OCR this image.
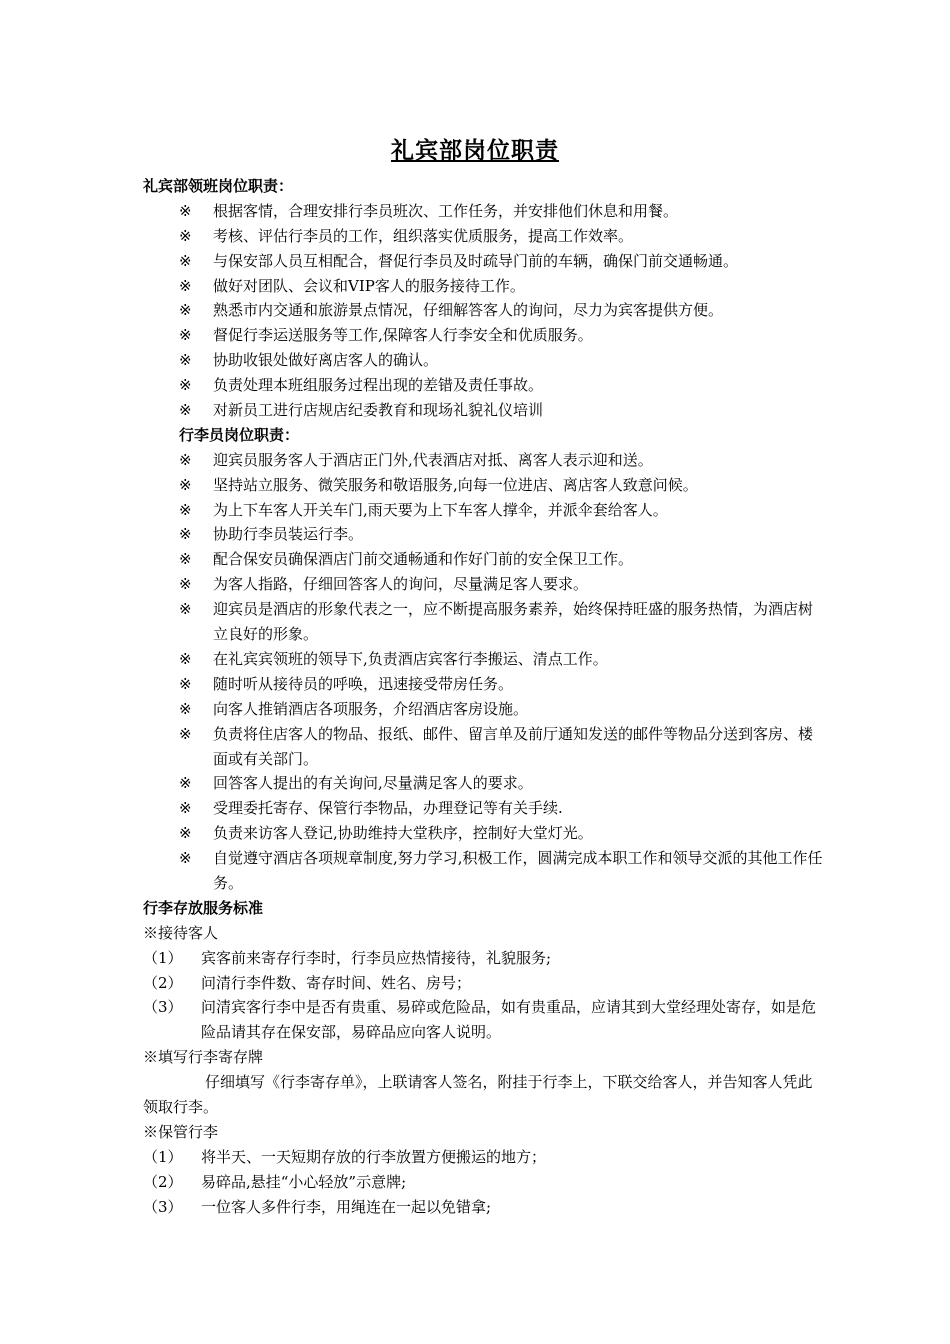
礼宾部岗位职责
礼宾部领班岗位职责：
※	根据客情，合理安排行李员班次、工作任务，并安排他们休息和用餐。
※	考核、评估行李员的工作，组织落实优质服务，提高工作效率。
※	与保安部人员互相配合，督促行李员及时疏导门前的车辆，确保门前交通畅通。
※	做好对团队、会议和VIP客人的服务接待工作。
※	熟悉市内交通和旅游景点情况，仔细解答客人的询问，尽力为宾客提供方便。
※	督促行李运送服务等工作,保障客人行李安全和优质服务。
※	协助收银处做好离店客人的确认。
※	负责处理本班组服务过程出现的差错及责任事故。
※	对新员工进行店规店纪委教育和现场礼貌礼仪培训
行李员岗位职责：
※	迎宾员服务客人于酒店正门外,代表酒店对抵、离客人表示迎和送。
※	坚持站立服务、微笑服务和敬语服务,向每一位进店、离店客人致意问候。
※	为上下车客人开关车门,雨天要为上下车客人撑伞，并派伞套给客人。
※	协助行李员装运行李。
※	配合保安员确保酒店门前交通畅通和作好门前的安全保卫工作。
※	为客人指路，仔细回答客人的询问，尽量满足客人要求。
※	迎宾员是酒店的形象代表之一，应不断提高服务素养，始终保持旺盛的服务热情，为酒店树立良好的形象。
※	在礼宾宾领班的领导下,负责酒店宾客行李搬运、清点工作。
※	随时听从接待员的呼唤，迅速接受带房任务。
※	向客人推销酒店各项服务，介绍酒店客房设施。
※	负责将住店客人的物品、报纸、邮件、留言单及前厅通知发送的邮件等物品分送到客房、楼面或有关部门。
※	回答客人提出的有关询问,尽量满足客人的要求。
※	受理委托寄存、保管行李物品，办理登记等有关手续.
※	负责来访客人登记,协助维持大堂秩序，控制好大堂灯光。
※	自觉遵守酒店各项规章制度,努力学习,积极工作，圆满完成本职工作和领导交派的其他工作任务。
行李存放服务标准
※接待客人
（1）	宾客前来寄存行李时，行李员应热情接待，礼貌服务;
（2）	问清行李件数、寄存时间、姓名、房号；
（3）	问清宾客行李中是否有贵重、易碎或危险品，如有贵重品，应请其到大堂经理处寄存，如是危险品请其存在保安部，易碎品应向客人说明。
※填写行李寄存牌
仔细填写《行李寄存单》，上联请客人签名，附挂于行李上，下联交给客人，并告知客人凭此领取行李。
※保管行李
（1）	将半天、一天短期存放的行李放置方便搬运的地方；
（2）	易碎品,悬挂“小心轻放”示意牌;
（3）	一位客人多件行李，用绳连在一起以免错拿;
